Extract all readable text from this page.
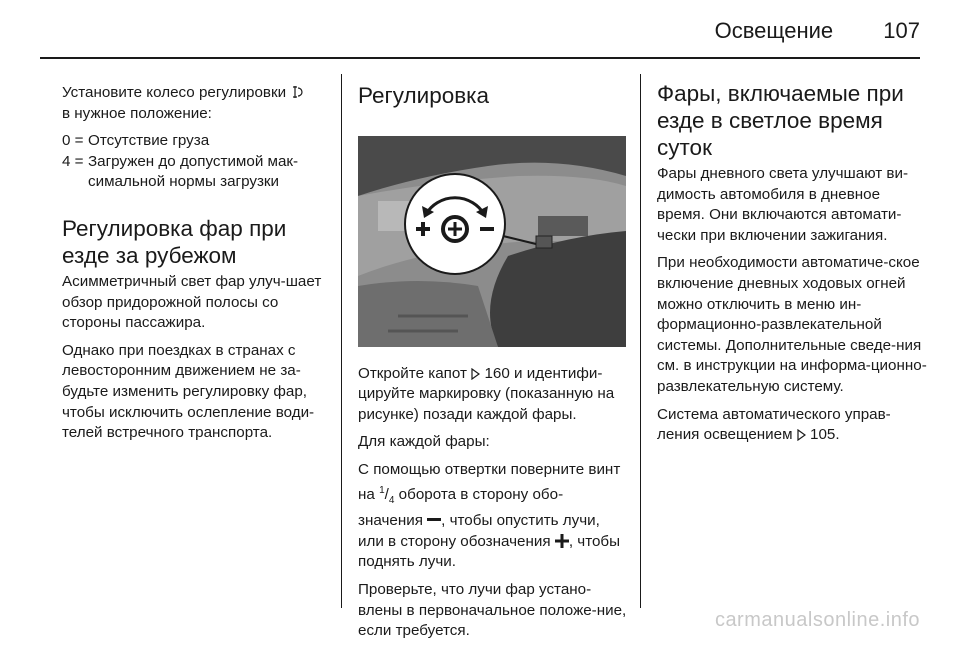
Освещение 107

Установите колесо регулировки
в нужное положение:

0 = Отсутствие груза
4 = Загружен до допустимой мак-симальной нормы загрузки
Регулировка фар при езде за рубежом

Асимметричный свет фар улуч-шает обзор придорожной полосы со стороны пассажира.

Однако при поездках в странах с левосторонним движением не за-будьте изменить регулировку фар, чтобы исключить ослепление води-телей встречного транспорта.

Регулировка

Откройте капот 160 и идентифи-цируйте маркировку (показанную на рисунке) позади каждой фары.

Для каждой фары:

С помощью отвертки поверните винт на $^1/_4$ оборота в сторону обо-значения , чтобы опустить лучи, или в сторону обозначения , чтобы поднять лучи.

Проверьте, что лучи фар устано-влены в первоначальное положе-ние, если требуется.

Фары, включаемые при езде в светлое время суток

Фары дневного света улучшают ви-димость автомобиля в дневное время. Они включаются автомати-чески при включении зажигания.

При необходимости автоматиче-ское включение дневных ходовых огней можно отключить в меню ин-формационно-развлекательной системы. Дополнительные сведе-ния см. в инструкции на информа-ционно-развлекательную систему.

Система автоматического управ-ления освещением 105.

carmanualsonline.info
